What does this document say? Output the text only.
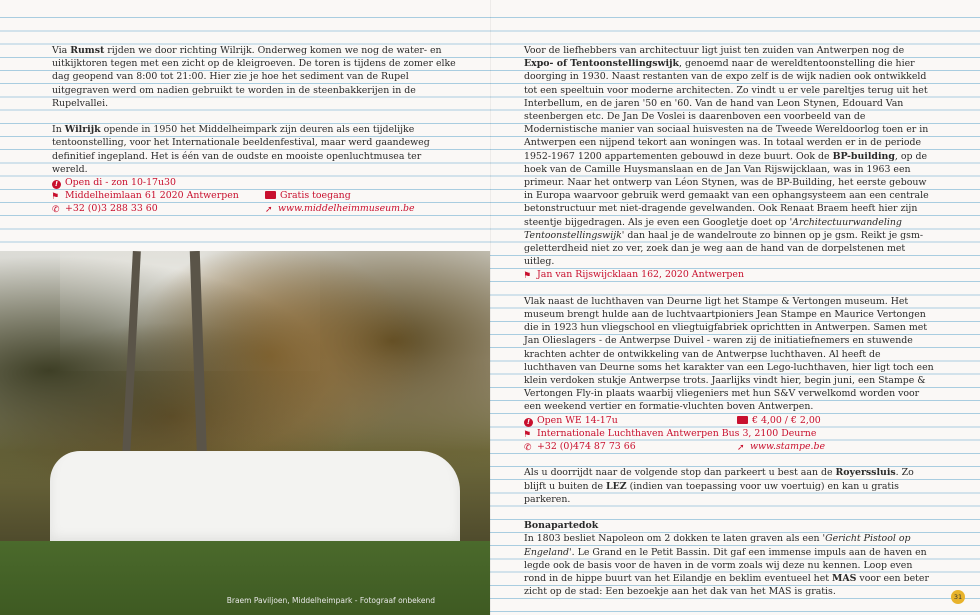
Via Rumst rijden we door richting Wilrijk. Onderweg komen we nog de water- en uitkijktoren tegen met een zicht op de kleigroeven. De toren is tijdens de zomer elke dag geopend van 8:00 tot 21:00. Hier zie je hoe het sediment van de Rupel uitgegraven werd om nadien gebruikt te worden in de steenbakkerijen in de Rupelvallei.

In Wilrijk opende in 1950 het Middelheimpark zijn deuren als een tijdelijke tentoonstelling, voor het Internationale beeldenfestival, maar werd gaandeweg definitief ingepland. Het is één van de oudste en mooiste openluchtmusea ter wereld.

! Open di - zon 10-17u30
⚑ Middelheimlaan 61 2020 Antwerpen	Gratis toegang
✆ +32 (0)3 288 33 60	➚ www.middelheimmuseum.be
Braem Paviljoen, Middelheimpark - Fotograaf onbekend

Voor de liefhebbers van architectuur ligt juist ten zuiden van Antwerpen nog de Expo- of Tentoonstellingswijk, genoemd naar de wereldtentoonstelling die hier doorging in 1930. Naast restanten van de expo zelf is de wijk nadien ook ontwikkeld tot een speeltuin voor moderne architecten. Zo vindt u er vele pareltjes terug uit het Interbellum, en de jaren '50 en '60. Van de hand van Leon Stynen, Edouard Van steenbergen etc. De Jan De Voslei is daarenboven een voorbeeld van de Modernistische manier van sociaal huisvesten na de Tweede Wereldoorlog toen er in Antwerpen een nijpend tekort aan woningen was. In totaal werden er in de periode 1952-1967 1200 appartementen gebouwd in deze buurt. Ook de BP-building, op de hoek van de Camille Huysmanslaan en de Jan Van Rijswijcklaan, was in 1963 een primeur. Naar het ontwerp van Léon Stynen, was de BP-Building, het eerste gebouw in Europa waarvoor gebruik werd gemaakt van een ophangsysteem aan een centrale betonstructuur met niet-dragende gevelwanden. Ook Renaat Braem heeft hier zijn steentje bijgedragen. Als je even een Googletje doet op 'Architectuurwandeling Tentoonstellingswijk' dan haal je de wandelroute zo binnen op je gsm. Reikt je gsm-geletterdheid niet zo ver, zoek dan je weg aan de hand van de dorpelstenen met uitleg.

⚑ Jan van Rijswijcklaan 162, 2020 Antwerpen

Vlak naast de luchthaven van Deurne ligt het Stampe & Vertongen museum. Het museum brengt hulde aan de luchtvaartpioniers Jean Stampe en Maurice Vertongen die in 1923 hun vliegschool en vliegtuigfabriek oprichtten in Antwerpen. Samen met Jan Olieslagers - de Antwerpse Duivel - waren zij de initiatiefnemers en stuwende krachten achter de ontwikkeling van de Antwerpse luchthaven. Al heeft de luchthaven van Deurne soms het karakter van een Lego-luchthaven, hier ligt toch een klein verdoken stukje Antwerpse trots. Jaarlijks vindt hier, begin juni, een Stampe & Vertongen Fly-in plaats waarbij vliegeniers met hun S&V verwelkomd worden voor een weekend vertier en formatie-vluchten boven Antwerpen.

! Open WE 14-17u	€ 4,00 / € 2,00
⚑ Internationale Luchthaven Antwerpen Bus 3, 2100 Deurne
✆ +32 (0)474 87 73 66	➚ www.stampe.be

Als u doorrijdt naar de volgende stop dan parkeert u best aan de Royerssluis. Zo blijft u buiten de LEZ (indien van toepassing voor uw voertuig) en kan u gratis parkeren.

Bonapartedok

In 1803 besliet Napoleon om 2 dokken te laten graven als een 'Gericht Pistool op Engeland'. Le Grand en le Petit Bassin. Dit gaf een immense impuls aan de haven en legde ook de basis voor de haven in de vorm zoals wij deze nu kennen. Loop even rond in de hippe buurt van het Eilandje en beklim eventueel het MAS voor een beter zicht op de stad: Een bezoekje aan het dak van het MAS is gratis.	31
